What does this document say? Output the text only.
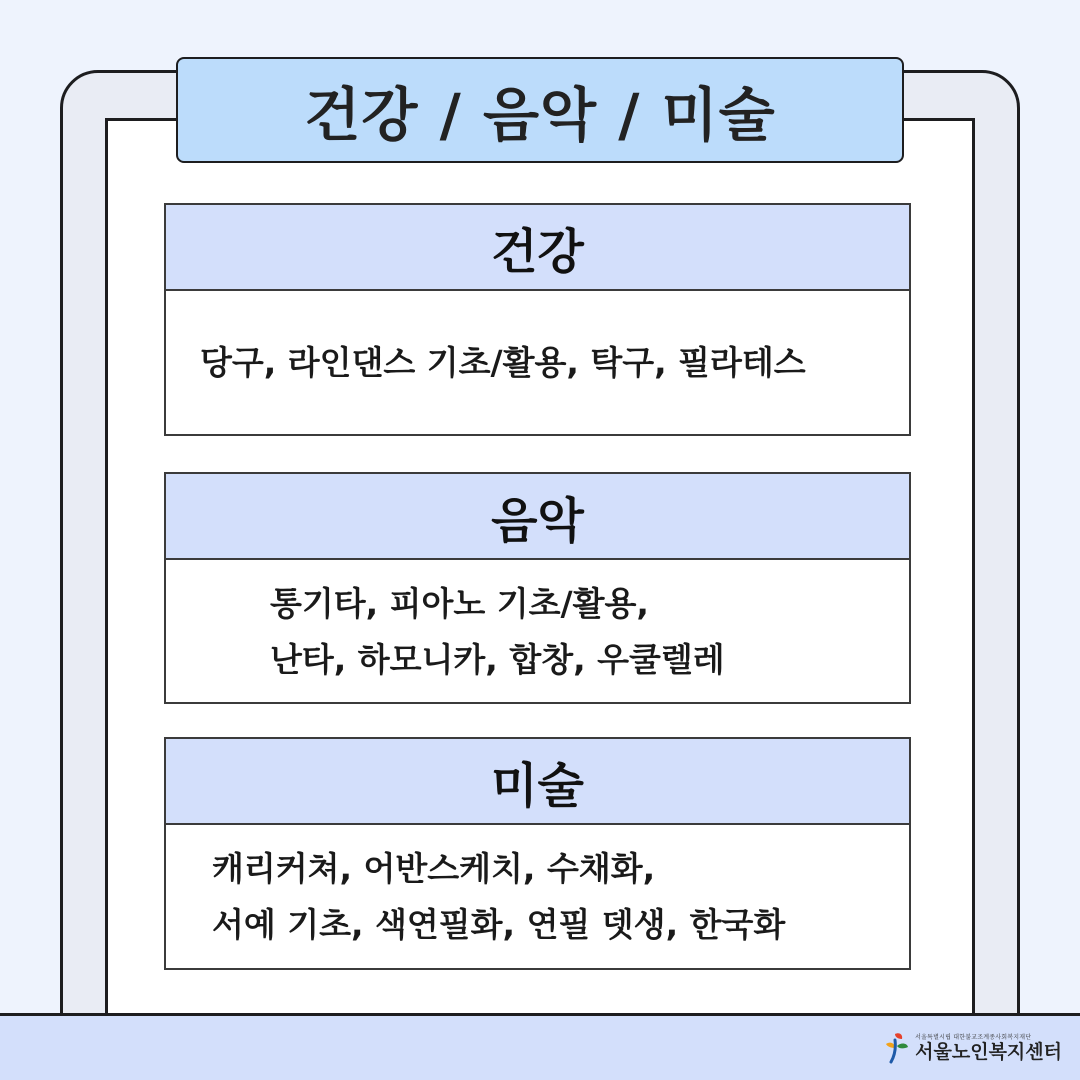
건강 / 음악 / 미술
건강
당구, 라인댄스 기초/활용, 탁구, 필라테스
음악
통기타, 피아노 기초/활용,
난타, 하모니카, 합창, 우쿨렐레
미술
캐리커쳐, 어반스케치, 수채화,
서예 기초, 색연필화, 연필 뎃생, 한국화
서울특별시립 대한불교조계종사회복지재단
서울노인복지센터
